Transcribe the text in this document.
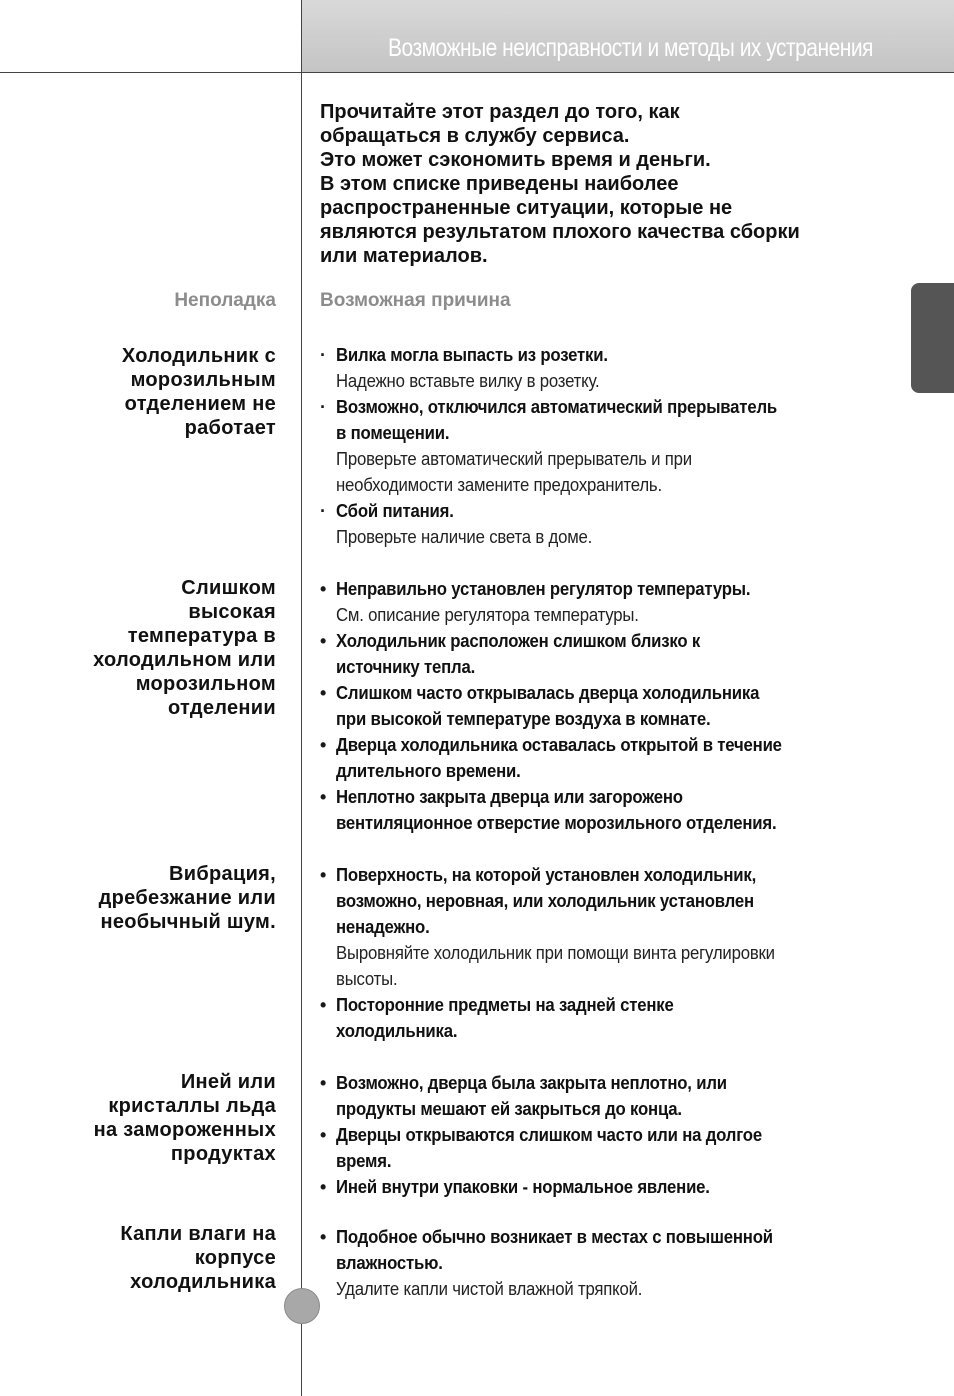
Возможные неисправности и методы их устранения
Прочитайте этот раздел до того, как
обращаться в службу сервиса.
Это может сэкономить время и деньги.
В этом списке приведены наиболее
распространенные ситуации, которые не
являются результатом плохого качества сборки
или материалов.
Неполадка Возможная причина
Холодильник с
морозильным
отделением не
работает
· Вилка могла выпасть из розетки.
Надежно вставьте вилку в розетку.
· Возможно, отключился автоматический прерыватель
в помещении.
Проверьте автоматический прерыватель и при
необходимости замените предохранитель.
· Сбой питания.
Проверьте наличие света в доме.
Слишком
высокая
температура в
холодильном или
морозильном
отделении
• Неправильно установлен регулятор температуры.
См. описание регулятора температуры.
• Холодильник расположен слишком близко к
источнику тепла.
• Слишком часто открывалась дверца холодильника
при высокой температуре воздуха в комнате.
• Дверца холодильника оставалась открытой в течение
длительного времени.
• Неплотно закрыта дверца или загорожено
вентиляционное отверстие морозильного отделения.
Вибрация,
дребезжание или
необычный шум.
• Поверхность, на которой установлен холодильник,
возможно, неровная, или холодильник установлен
ненадежно.
Выровняйте холодильник при помощи винта регулировки
высоты.
• Посторонние предметы на задней стенке
холодильника.
Иней или
кристаллы льда
на замороженных
продуктах
• Возможно, дверца была закрыта неплотно, или
продукты мешают ей закрыться до конца.
• Дверцы открываются слишком часто или на долгое
время.
• Иней внутри упаковки - нормальное явление.
Капли влаги на
корпусе
холодильника
• Подобное обычно возникает в местах с повышенной
влажностью.
Удалите капли чистой влажной тряпкой.
